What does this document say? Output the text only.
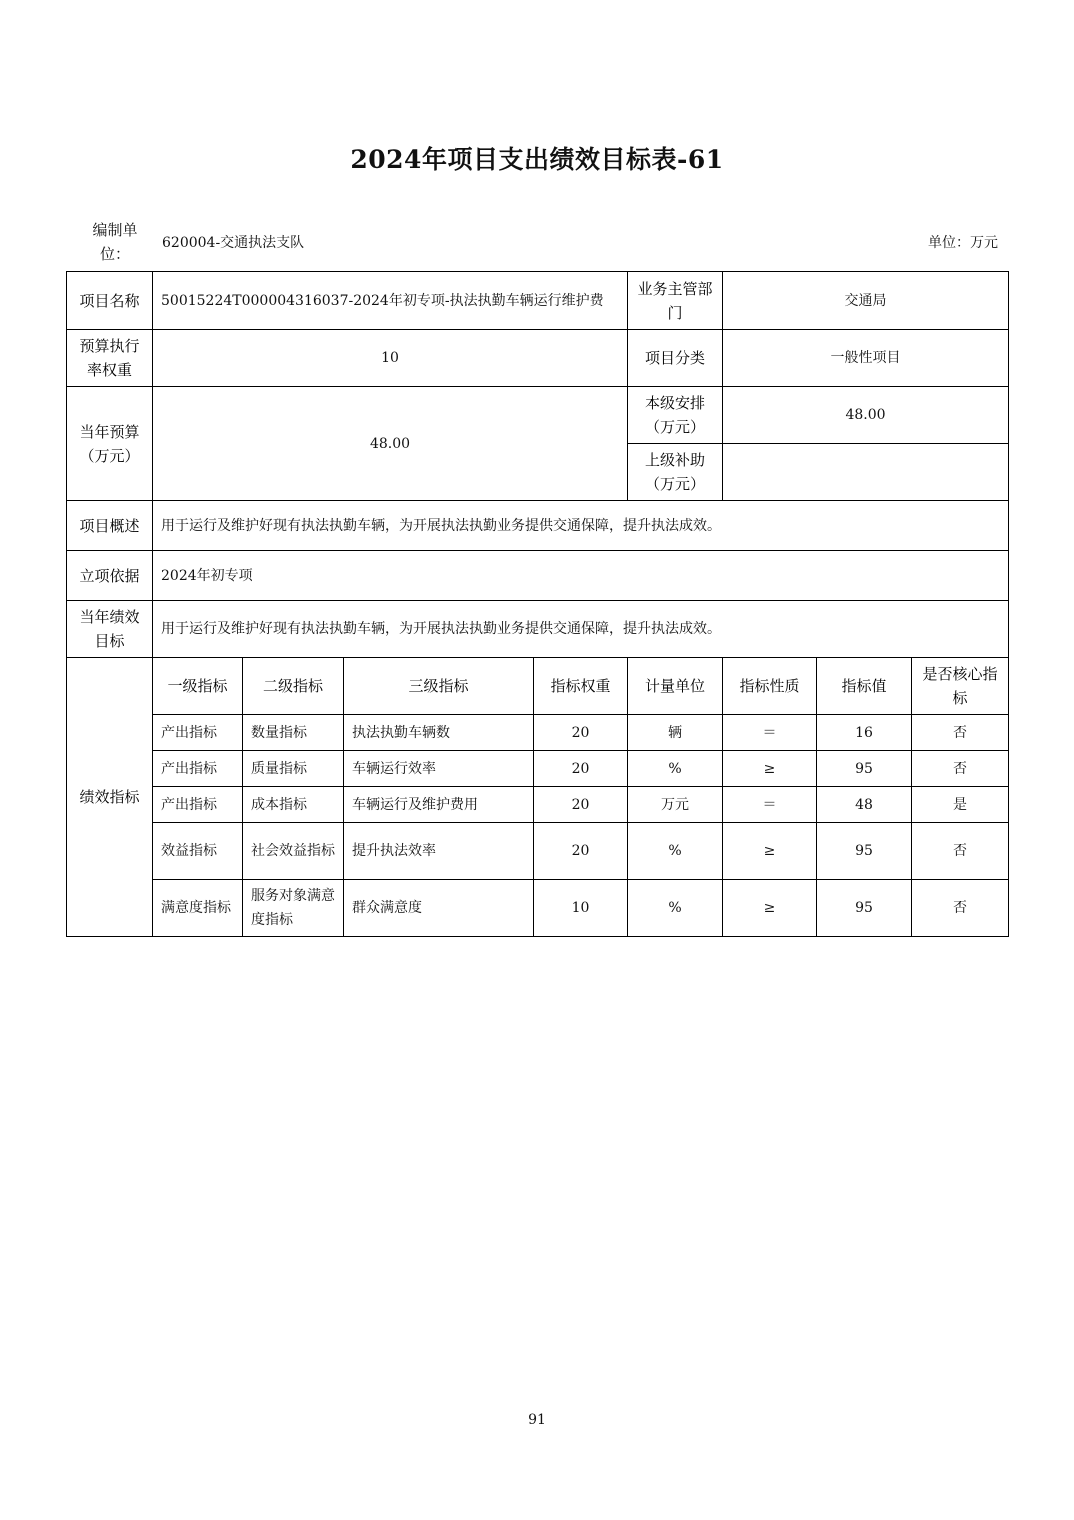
2024年项目支出绩效目标表-61
编制单位：
620004-交通执法支队	单位：万元
项目名称	50015224T000004316037-2024年初专项-执法执勤车辆运行维护费				业务主管部门	交通局		
预算执行率权重	10				项目分类	一般性项目		
当年预算（万元）	48.00				本级安排（万元）	48.00		
					上级补助（万元）			
项目概述	用于运行及维护好现有执法执勤车辆，为开展执法执勤业务提供交通保障，提升执法成效。							
立项依据	2024年初专项							
当年绩效目标	用于运行及维护好现有执法执勤车辆，为开展执法执勤业务提供交通保障，提升执法成效。							
绩效指标	一级指标	二级指标	三级指标	指标权重	计量单位	指标性质	指标值	是否核心指标
	产出指标	数量指标	执法执勤车辆数	20	辆	＝	16	否
	产出指标	质量指标	车辆运行效率	20	%	≥	95	否
	产出指标	成本指标	车辆运行及维护费用	20	万元	＝	48	是
	效益指标	社会效益指标	提升执法效率	20	%	≥	95	否
	满意度指标	服务对象满意度指标	群众满意度	10	%	≥	95	否
91
